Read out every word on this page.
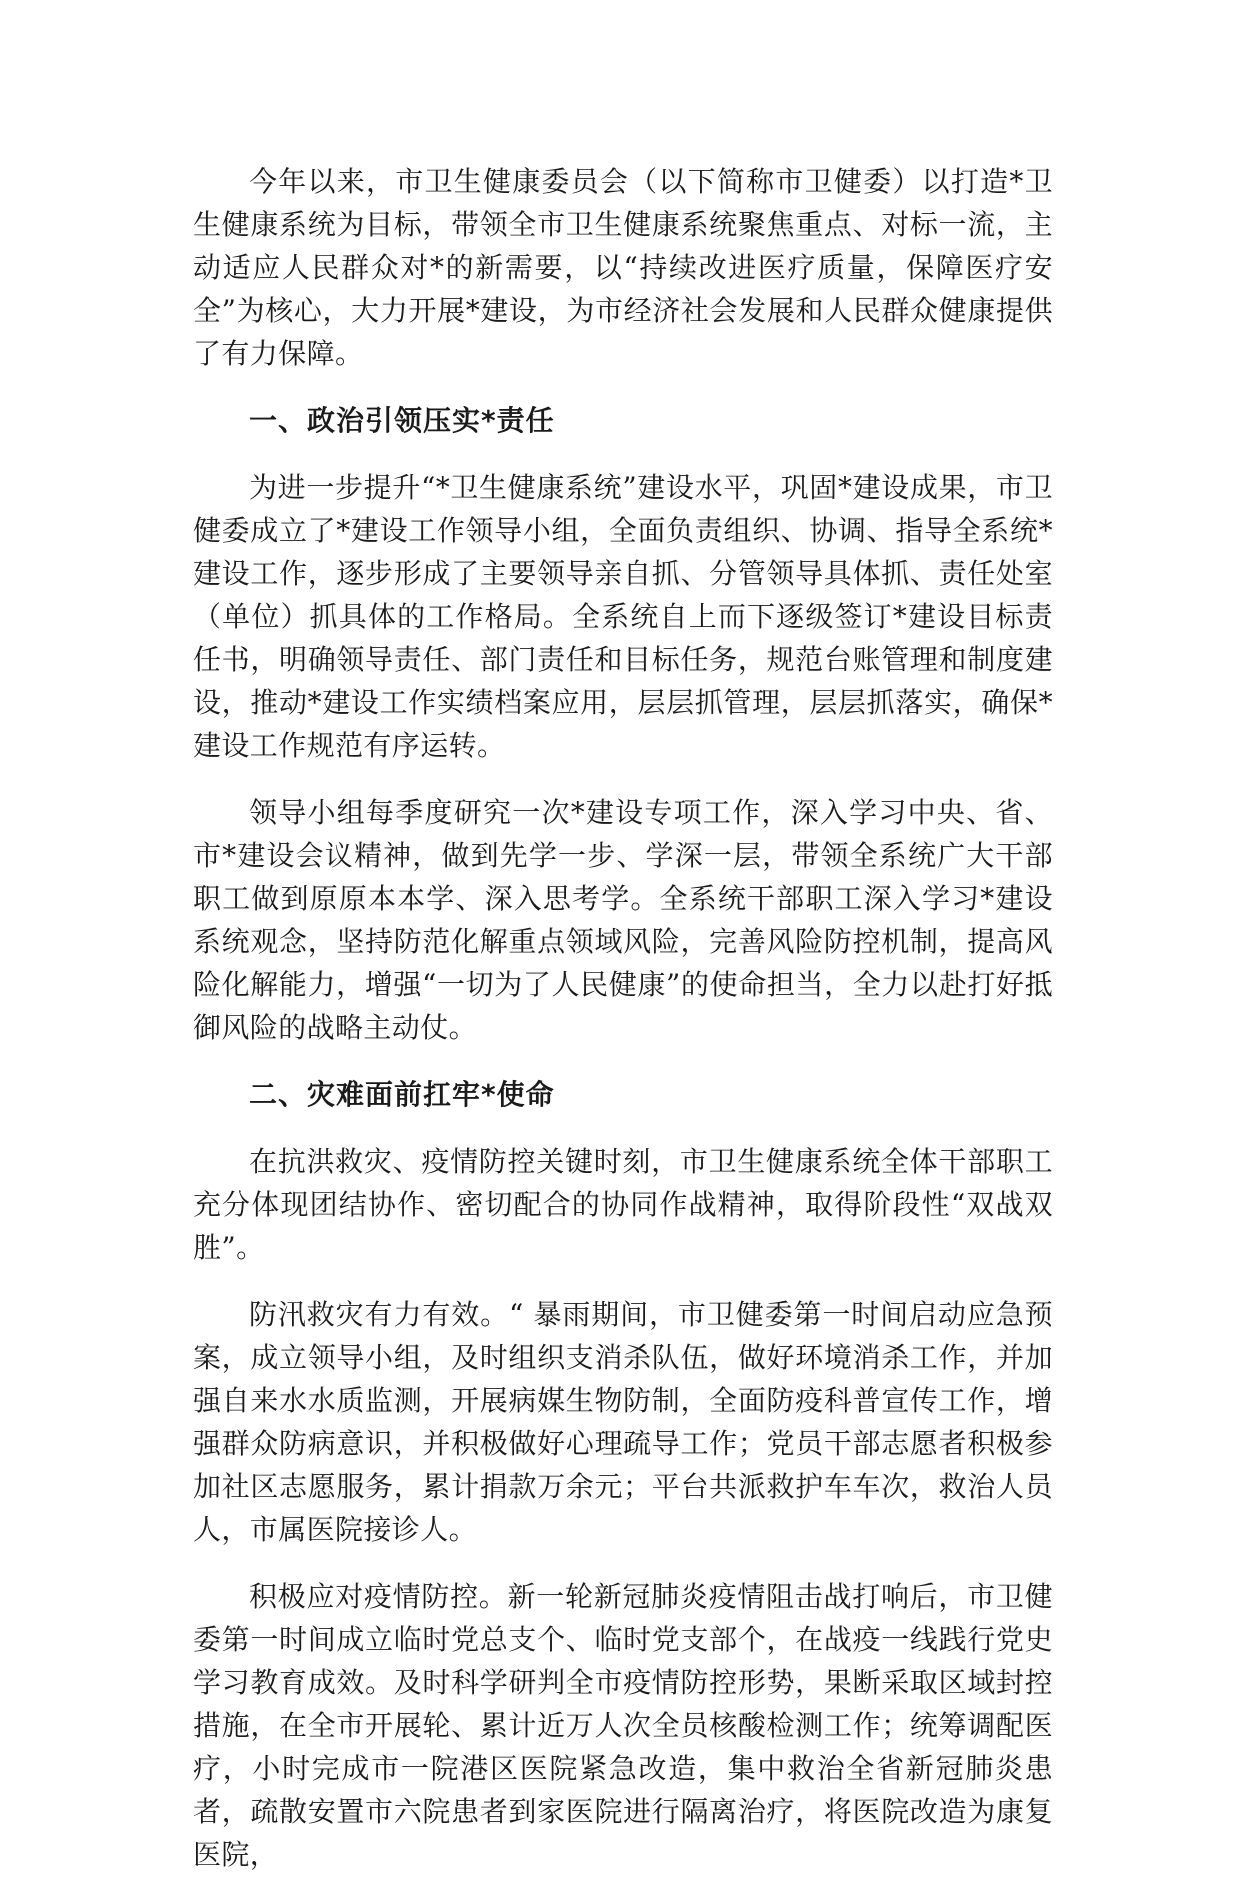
今年以来，市卫生健康委员会（以下简称市卫健委）以打造*卫生健康系统为目标，带领全市卫生健康系统聚焦重点、对标一流，主动适应人民群众对*的新需要，以“持续改进医疗质量，保障医疗安全”为核心，大力开展*建设，为市经济社会发展和人民群众健康提供了有力保障。

一、政治引领压实*责任

为进一步提升“*卫生健康系统”建设水平，巩固*建设成果，市卫健委成立了*建设工作领导小组，全面负责组织、协调、指导全系统*建设工作，逐步形成了主要领导亲自抓、分管领导具体抓、责任处室（单位）抓具体的工作格局。全系统自上而下逐级签订*建设目标责任书，明确领导责任、部门责任和目标任务，规范台账管理和制度建设，推动*建设工作实绩档案应用，层层抓管理，层层抓落实，确保*建设工作规范有序运转。

领导小组每季度研究一次*建设专项工作，深入学习中央、省、市*建设会议精神，做到先学一步、学深一层，带领全系统广大干部职工做到原原本本学、深入思考学。全系统干部职工深入学习*建设系统观念，坚持防范化解重点领域风险，完善风险防控机制，提高风险化解能力，增强“一切为了人民健康”的使命担当，全力以赴打好抵御风险的战略主动仗。

二、灾难面前扛牢*使命

在抗洪救灾、疫情防控关键时刻，市卫生健康系统全体干部职工充分体现团结协作、密切配合的协同作战精神，取得阶段性“双战双胜”。

防汛救灾有力有效。“ 暴雨期间，市卫健委第一时间启动应急预案，成立领导小组，及时组织支消杀队伍，做好环境消杀工作，并加强自来水水质监测，开展病媒生物防制，全面防疫科普宣传工作，增强群众防病意识，并积极做好心理疏导工作；党员干部志愿者积极参加社区志愿服务，累计捐款万余元；平台共派救护车车次，救治人员人，市属医院接诊人。

积极应对疫情防控。新一轮新冠肺炎疫情阻击战打响后，市卫健委第一时间成立临时党总支个、临时党支部个，在战疫一线践行党史学习教育成效。及时科学研判全市疫情防控形势，果断采取区域封控措施，在全市开展轮、累计近万人次全员核酸检测工作；统筹调配医疗，小时完成市一院港区医院紧急改造，集中救治全省新冠肺炎患者，疏散安置市六院患者到家医院进行隔离治疗，将医院改造为康复医院，
